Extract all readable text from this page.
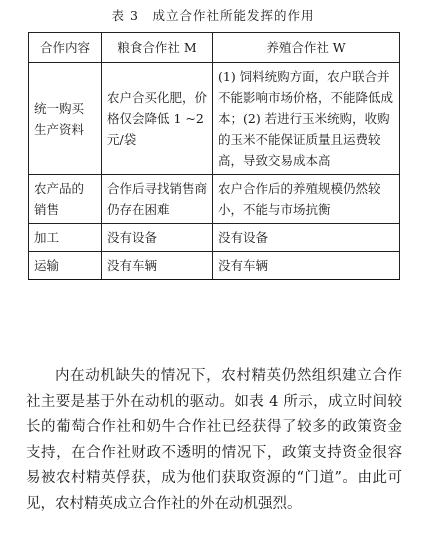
表 3　成立合作社所能发挥的作用
合作内容	粮食合作社 M	养殖合作社 W
统一购买生产资料	农户合买化肥，价格仅会降低 1 ~2 元/袋	(1) 饲料统购方面，农户联合并不能影响市场价格，不能降低成本；(2) 若进行玉米统购，收购的玉米不能保证质量且运费较高，导致交易成本高
农产品的销售	合作后寻找销售商仍存在困难	农户合作后的养殖规模仍然较小，不能与市场抗衡
加工	没有设备	没有设备
运输	没有车辆	没有车辆

内在动机缺失的情况下，农村精英仍然组织建立合作社主要是基于外在动机的驱动。如表 4 所示，成立时间较长的葡萄合作社和奶牛合作社已经获得了较多的政策资金支持，在合作社财政不透明的情况下，政策支持资金很容易被农村精英俘获，成为他们获取资源的“门道”。由此可见，农村精英成立合作社的外在动机强烈。
